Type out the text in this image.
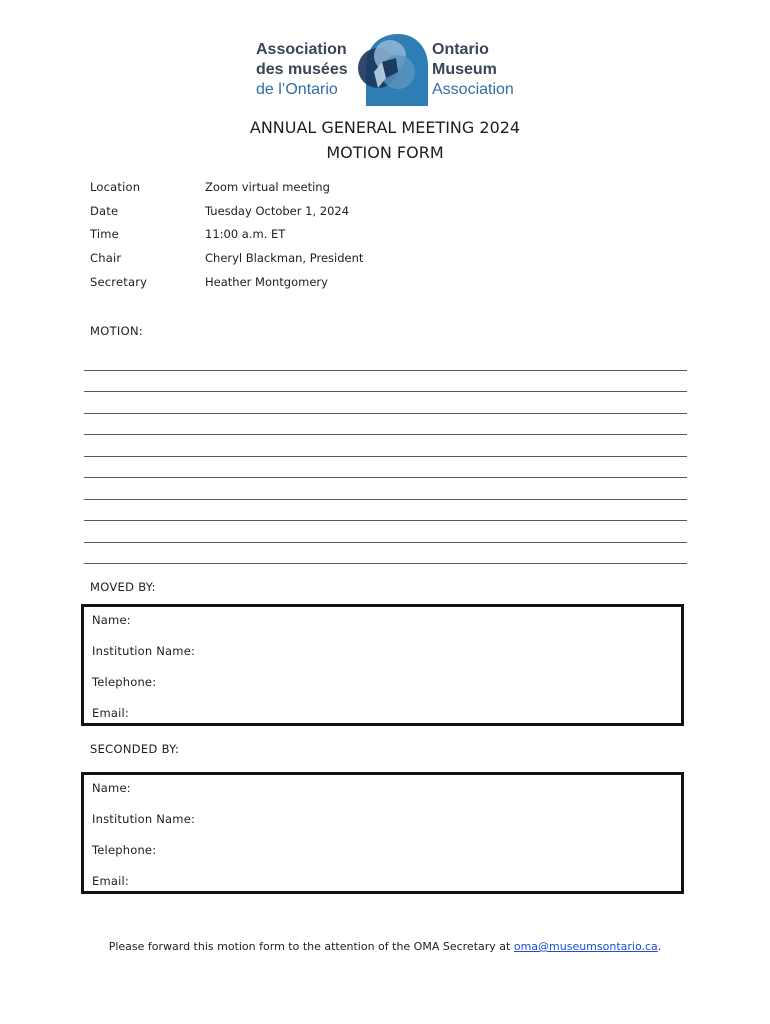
Association
des musées
de l’Ontario
Ontario
Museum
Association
ANNUAL GENERAL MEETING 2024
MOTION FORM
Location	Zoom virtual meeting
Date	Tuesday October 1, 2024
Time	11:00 a.m. ET
Chair	Cheryl Blackman, President
Secretary	Heather Montgomery
MOTION:
MOVED BY:
Name:
Institution Name:
Telephone:
Email:
SECONDED BY:
Name:
Institution Name:
Telephone:
Email:
Please forward this motion form to the attention of the OMA Secretary at oma@museumsontario.ca.
